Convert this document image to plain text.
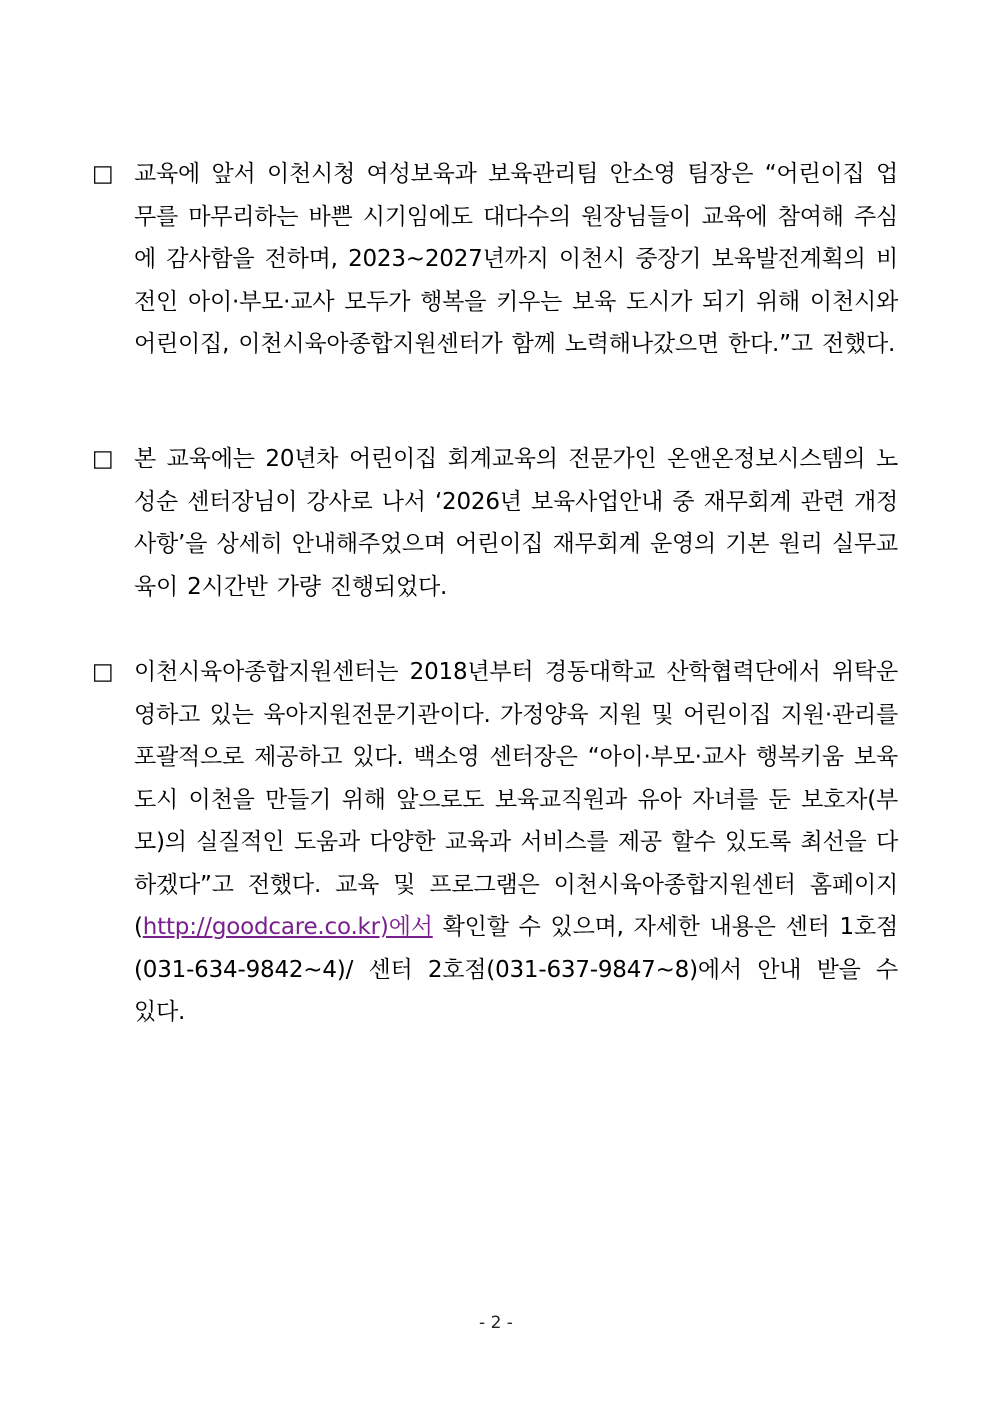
□ 교육에 앞서 이천시청 여성보육과 보육관리팀 안소영 팀장은 “어린이집 업무를 마무리하는 바쁜 시기임에도 대다수의 원장님들이 교육에 참여해 주심에 감사함을 전하며, 2023~2027년까지 이천시 중장기 보육발전계획의 비전인 아이·부모·교사 모두가 행복을 키우는 보육 도시가 되기 위해 이천시와 어린이집, 이천시육아종합지원센터가 함께 노력해나갔으면 한다.”고 전했다.
□ 본 교육에는 20년차 어린이집 회계교육의 전문가인 온앤온정보시스템의 노성순 센터장님이 강사로 나서 ‘2026년 보육사업안내 중 재무회계 관련 개정사항’을 상세히 안내해주었으며 어린이집 재무회계 운영의 기본 원리 실무교육이 2시간반 가량 진행되었다.
□ 이천시육아종합지원센터는 2018년부터 경동대학교 산학협력단에서 위탁운영하고 있는 육아지원전문기관이다. 가정양육 지원 및 어린이집 지원·관리를 포괄적으로 제공하고 있다. 백소영 센터장은 “아이·부모·교사 행복키움 보육도시 이천을 만들기 위해 앞으로도 보육교직원과 유아 자녀를 둔 보호자(부모)의 실질적인 도움과 다양한 교육과 서비스를 제공 할수 있도록 최선을 다하겠다”고 전했다. 교육 및 프로그램은 이천시육아종합지원센터 홈페이지(http://goodcare.co.kr)에서 확인할 수 있으며, 자세한 내용은 센터 1호점(031-634-9842~4)/ 센터 2호점(031-637-9847~8)에서 안내 받을 수 있다.
- 2 -
